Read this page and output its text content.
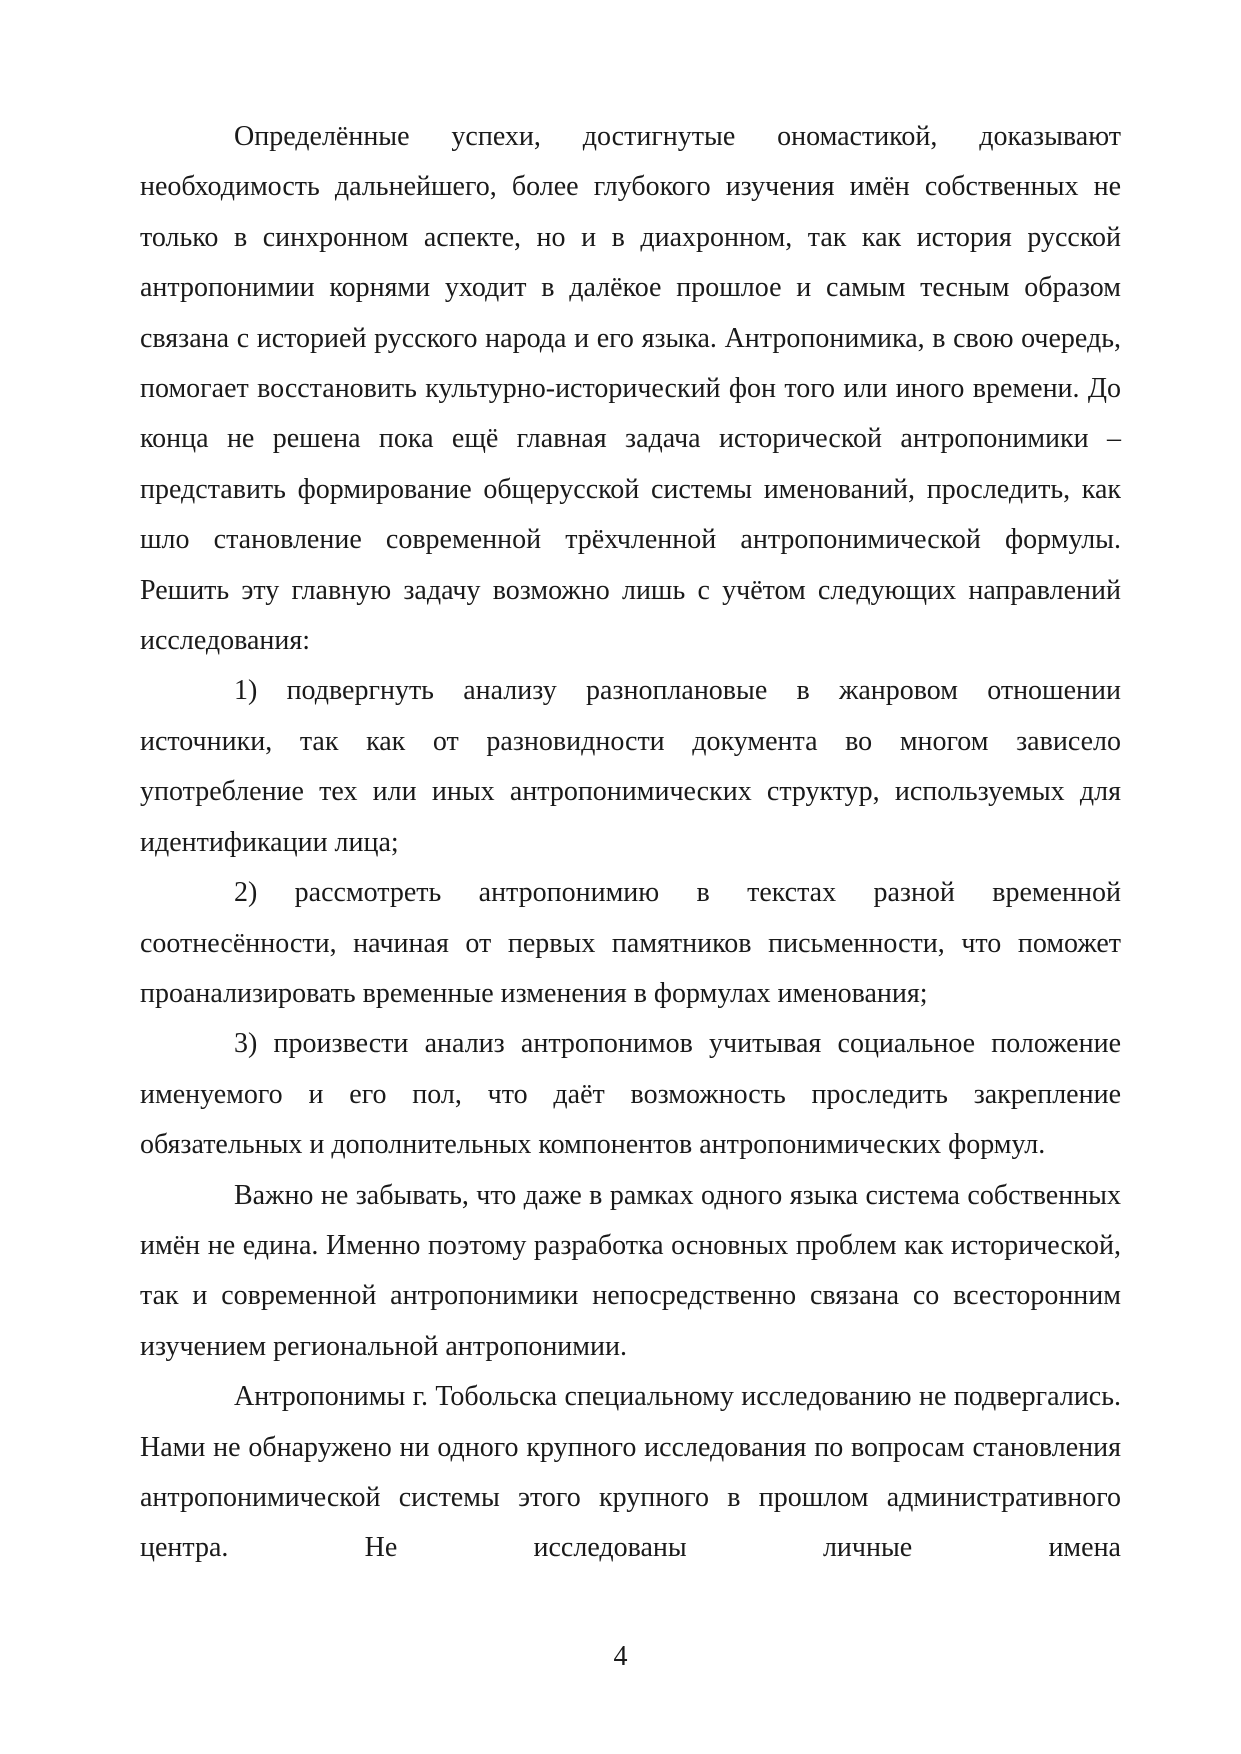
Определённые успехи, достигнутые ономастикой, доказывают необходимость дальнейшего, более глубокого изучения имён собственных не только в синхронном аспекте, но и в диахронном, так как история русской антропонимии корнями уходит в далёкое прошлое и самым тесным образом связана с историей русского народа и его языка. Антропонимика, в свою очередь, помогает восстановить культурно-исторический фон того или иного времени. До конца не решена пока ещё главная задача исторической антропонимики – представить формирование общерусской системы именований, проследить, как шло становление современной трёхчленной антропонимической формулы. Решить эту главную задачу возможно лишь с учётом следующих направлений исследования:

1) подвергнуть анализу разноплановые в жанровом отношении источники, так как от разновидности документа во многом зависело употребление тех или иных антропонимических структур, используемых для идентификации лица;

2) рассмотреть антропонимию в текстах разной временной соотнесённости, начиная от первых памятников письменности, что поможет проанализировать временные изменения в формулах именования;

3) произвести анализ антропонимов учитывая социальное положение именуемого и его пол, что даёт возможность проследить закрепление обязательных и дополнительных компонентов антропонимических формул.

Важно не забывать, что даже в рамках одного языка система собственных имён не едина. Именно поэтому разработка основных проблем как исторической, так и современной антропонимики непосредственно связана со всесторонним изучением региональной антропонимии.

Антропонимы г. Тобольска специальному исследованию не подвергались. Нами не обнаружено ни одного крупного исследования по вопросам становления антропонимической системы этого крупного в прошлом административного центра. Не исследованы личные имена

4
